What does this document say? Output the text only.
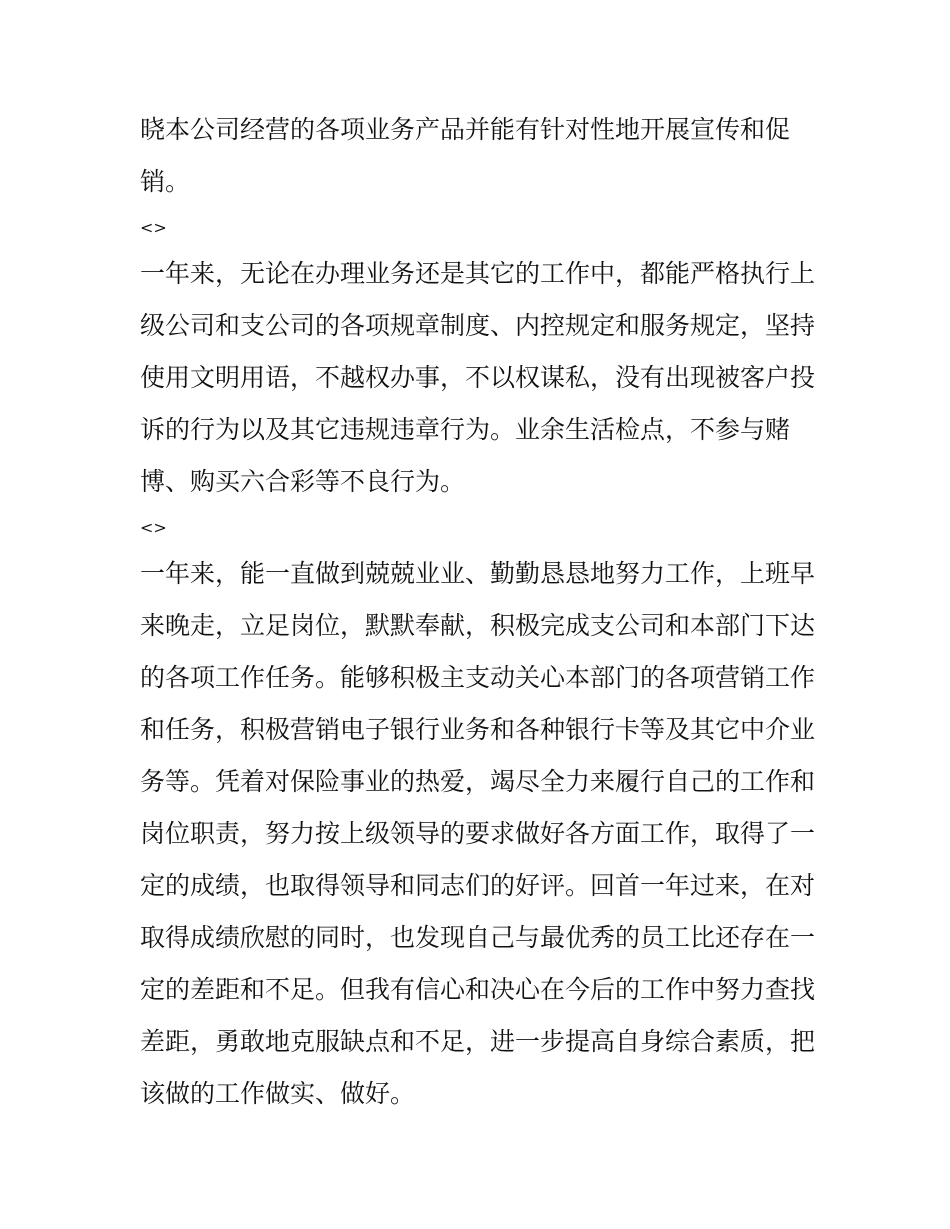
晓本公司经营的各项业务产品并能有针对性地开展宣传和促
销。
<>
一年来，无论在办理业务还是其它的工作中，都能严格执行上
级公司和支公司的各项规章制度、内控规定和服务规定，坚持
使用文明用语，不越权办事，不以权谋私，没有出现被客户投
诉的行为以及其它违规违章行为。业余生活检点，不参与赌
博、购买六合彩等不良行为。
<>
一年来，能一直做到兢兢业业、勤勤恳恳地努力工作，上班早
来晚走，立足岗位，默默奉献，积极完成支公司和本部门下达
的各项工作任务。能够积极主支动关心本部门的各项营销工作
和任务，积极营销电子银行业务和各种银行卡等及其它中介业
务等。凭着对保险事业的热爱，竭尽全力来履行自己的工作和
岗位职责，努力按上级领导的要求做好各方面工作，取得了一
定的成绩，也取得领导和同志们的好评。回首一年过来，在对
取得成绩欣慰的同时，也发现自己与最优秀的员工比还存在一
定的差距和不足。但我有信心和决心在今后的工作中努力查找
差距，勇敢地克服缺点和不足，进一步提高自身综合素质，把
该做的工作做实、做好。
